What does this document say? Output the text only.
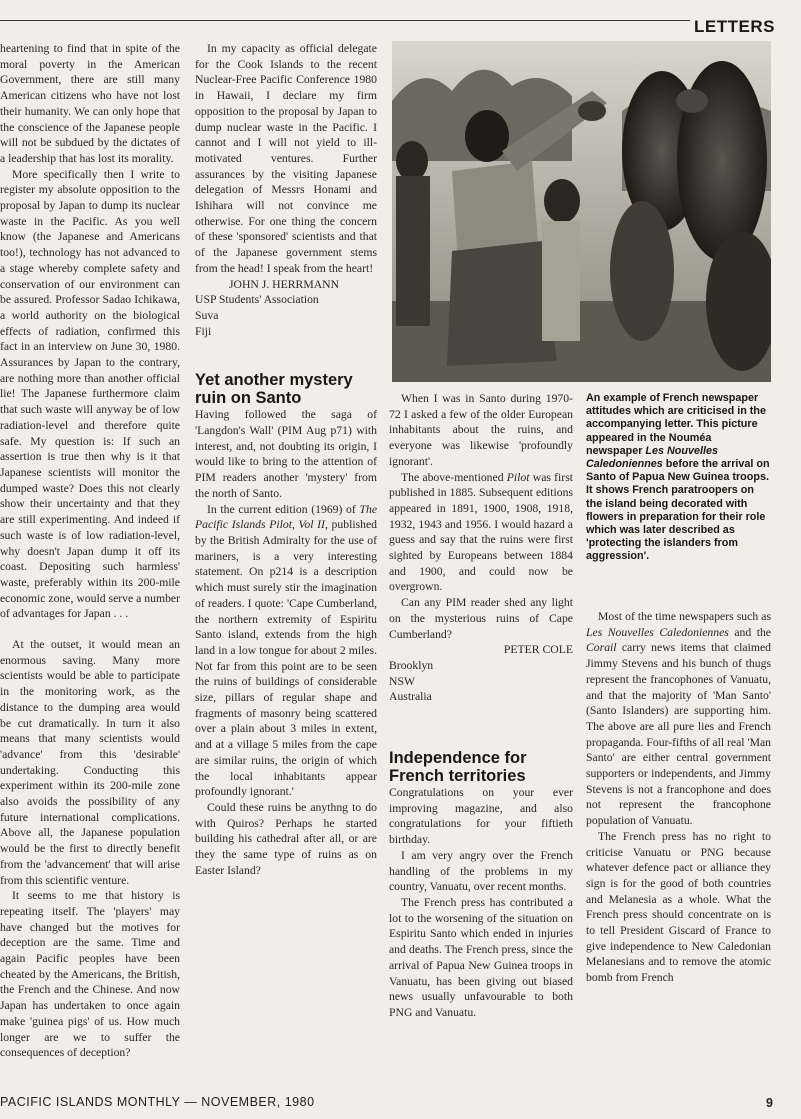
LETTERS

heartening to find that in spite of the moral poverty in the American Government, there are still many American citizens who have not lost their humanity. We can only hope that the conscience of the Japanese people will not be subdued by the dictates of a leadership that has lost its morality.

More specifically then I write to register my absolute opposition to the proposal by Japan to dump its nuclear waste in the Pacific. As you well know (the Japanese and Americans too!), technology has not advanced to a stage whereby complete safety and conservation of our environment can be assured. Professor Sadao Ichikawa, a world authority on the biological effects of radiation, confirmed this fact in an interview on June 30, 1980. Assurances by Japan to the contrary, are nothing more than another official lie! The Japanese furthermore claim that such waste will anyway be of low radiation-level and therefore quite safe. My question is: If such an assertion is true then why is it that Japanese scientists will monitor the dumped waste? Does this not clearly show their uncertainty and that they are still experimenting. And indeed if such waste is of low radiation-level, why doesn't Japan dump it off its coast. Depositing such harmless' waste, preferably within its 200-mile economic zone, would serve a number of advantages for Japan . . .

At the outset, it would mean an enormous saving. Many more scientists would be able to participate in the monitoring work, as the distance to the dumping area would be cut dramatically. In turn it also means that many scientists would 'advance' from this 'desirable' undertaking. Conducting this experiment within its 200-mile zone also avoids the possibility of any future international complications. Above all, the Japanese population would be the first to directly benefit from the 'advancement' that will arise from this scientific venture.

It seems to me that history is repeating itself. The 'players' may have changed but the motives for deception are the same. Time and again Pacific peoples have been cheated by the Americans, the British, the French and the Chinese. And now Japan has undertaken to once again make 'guinea pigs' of us. How much longer are we to suffer the consequences of deception?

In my capacity as official delegate for the Cook Islands to the recent Nuclear-Free Pacific Conference 1980 in Hawaii, I declare my firm opposition to the proposal by Japan to dump nuclear waste in the Pacific. I cannot and I will not yield to ill-motivated ventures. Further assurances by the visiting Japanese delegation of Messrs Honami and Ishihara will not convince me otherwise. For one thing the concern of these 'sponsored' scientists and that of the Japanese government stems from the head! I speak from the heart!

JOHN J. HERRMANN

USP Students' Association

Suva

Fiji

Yet another mystery ruin on Santo

Having followed the saga of 'Langdon's Wall' (PIM Aug p71) with interest, and, not doubting its origin, I would like to bring to the attention of PIM readers another 'mystery' from the north of Santo.

In the current edition (1969) of The Pacific Islands Pilot, Vol II, published by the British Admiralty for the use of mariners, is a very interesting statement. On p214 is a description which must surely stir the imagination of readers. I quote: 'Cape Cumberland, the northern extremity of Espiritu Santo island, extends from the high land in a low tongue for about 2 miles. Not far from this point are to be seen the ruins of buildings of considerable size, pillars of regular shape and fragments of masonry being scattered over a plain about 3 miles in extent, and at a village 5 miles from the cape are similar ruins, the origin of which the local inhabitants appear profoundly ignorant.'

Could these ruins be anythng to do with Quiros? Perhaps he started building his cathedral after all, or are they the same type of ruins as on Easter Island?

An example of French newspaper attitudes which are criticised in the accompanying letter. This picture appeared in the Nouméa newspaper Les Nouvelles Caledoniennes before the arrival on Santo of Papua New Guinea troops. It shows French paratroopers on the island being decorated with flowers in preparation for their role which was later described as 'protecting the islanders from aggression'.

When I was in Santo during 1970-72 I asked a few of the older European inhabitants about the ruins, and everyone was likewise 'profoundly ignorant'.

The above-mentioned Pilot was first published in 1885. Subsequent editions appeared in 1891, 1900, 1908, 1918, 1932, 1943 and 1956. I would hazard a guess and say that the ruins were first sighted by Europeans between 1884 and 1900, and could now be overgrown.

Can any PIM reader shed any light on the mysterious ruins of Cape Cumberland?

PETER COLE

Brooklyn

NSW

Australia

Independence for French territories

Congratulations on your ever improving magazine, and also congratulations for your fiftieth birthday.

I am very angry over the French handling of the problems in my country, Vanuatu, over recent months.

The French press has contributed a lot to the worsening of the situation on Espiritu Santo which ended in injuries and deaths. The French press, since the arrival of Papua New Guinea troops in Vanuatu, has been giving out biased news usually unfavourable to both PNG and Vanuatu.

Most of the time newspapers such as Les Nouvelles Caledoniennes and the Corail carry news items that claimed Jimmy Stevens and his bunch of thugs represent the francophones of Vanuatu, and that the majority of 'Man Santo' (Santo Islanders) are supporting him. The above are all pure lies and French propaganda. Four-fifths of all real 'Man Santo' are either central government supporters or independents, and Jimmy Stevens is not a francophone and does not represent the francophone population of Vanuatu.

The French press has no right to criticise Vanuatu or PNG because whatever defence pact or alliance they sign is for the good of both countries and Melanesia as a whole. What the French press should concentrate on is to tell President Giscard of France to give independence to New Caledonian Melanesians and to remove the atomic bomb from French

PACIFIC ISLANDS MONTHLY — NOVEMBER, 1980	9
